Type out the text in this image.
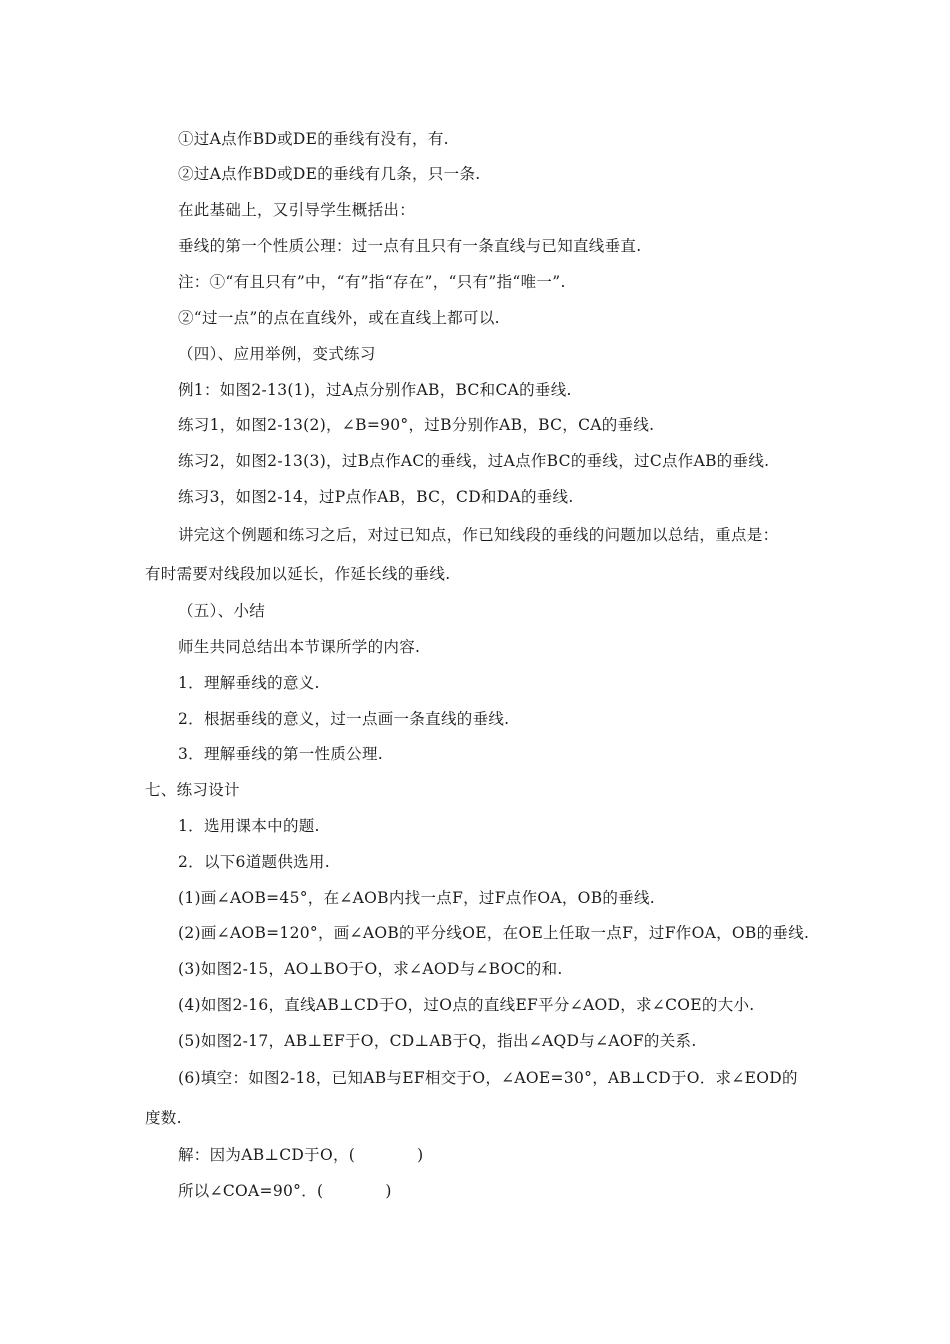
①过A点作BD或DE的垂线有没有，有.
②过A点作BD或DE的垂线有几条，只一条.
在此基础上，又引导学生概括出：
垂线的第一个性质公理：过一点有且只有一条直线与已知直线垂直.
注：①“有且只有”中，“有”指“存在”，“只有”指“唯一”.
②“过一点”的点在直线外，或在直线上都可以.
（四）、应用举例，变式练习
例1：如图2-13(1)，过A点分别作AB，BC和CA的垂线.
练习1，如图2-13(2)，∠B=90°，过B分别作AB，BC，CA的垂线.
练习2，如图2-13(3)，过B点作AC的垂线，过A点作BC的垂线，过C点作AB的垂线.
练习3，如图2-14，过P点作AB，BC，CD和DA的垂线.
讲完这个例题和练习之后，对过已知点，作已知线段的垂线的问题加以总结，重点是：
有时需要对线段加以延长，作延长线的垂线.
（五）、小结
师生共同总结出本节课所学的内容.
1．理解垂线的意义.
2．根据垂线的意义，过一点画一条直线的垂线.
3．理解垂线的第一性质公理.
七、练习设计
1．选用课本中的题.
2．以下6道题供选用.
(1)画∠AOB=45°，在∠AOB内找一点F，过F点作OA，OB的垂线.
(2)画∠AOB=120°，画∠AOB的平分线OE，在OE上任取一点F，过F作OA，OB的垂线.
(3)如图2-15，AO⊥BO于O，求∠AOD与∠BOC的和.
(4)如图2-16，直线AB⊥CD于O，过O点的直线EF平分∠AOD，求∠COE的大小.
(5)如图2-17，AB⊥EF于O，CD⊥AB于Q，指出∠AQD与∠AOF的关系.
(6)填空：如图2-18，已知AB与EF相交于O，∠AOE=30°，AB⊥CD于O．求∠EOD的
度数.
解：因为AB⊥CD于O，(	)
所以∠COA=90°．(	)
